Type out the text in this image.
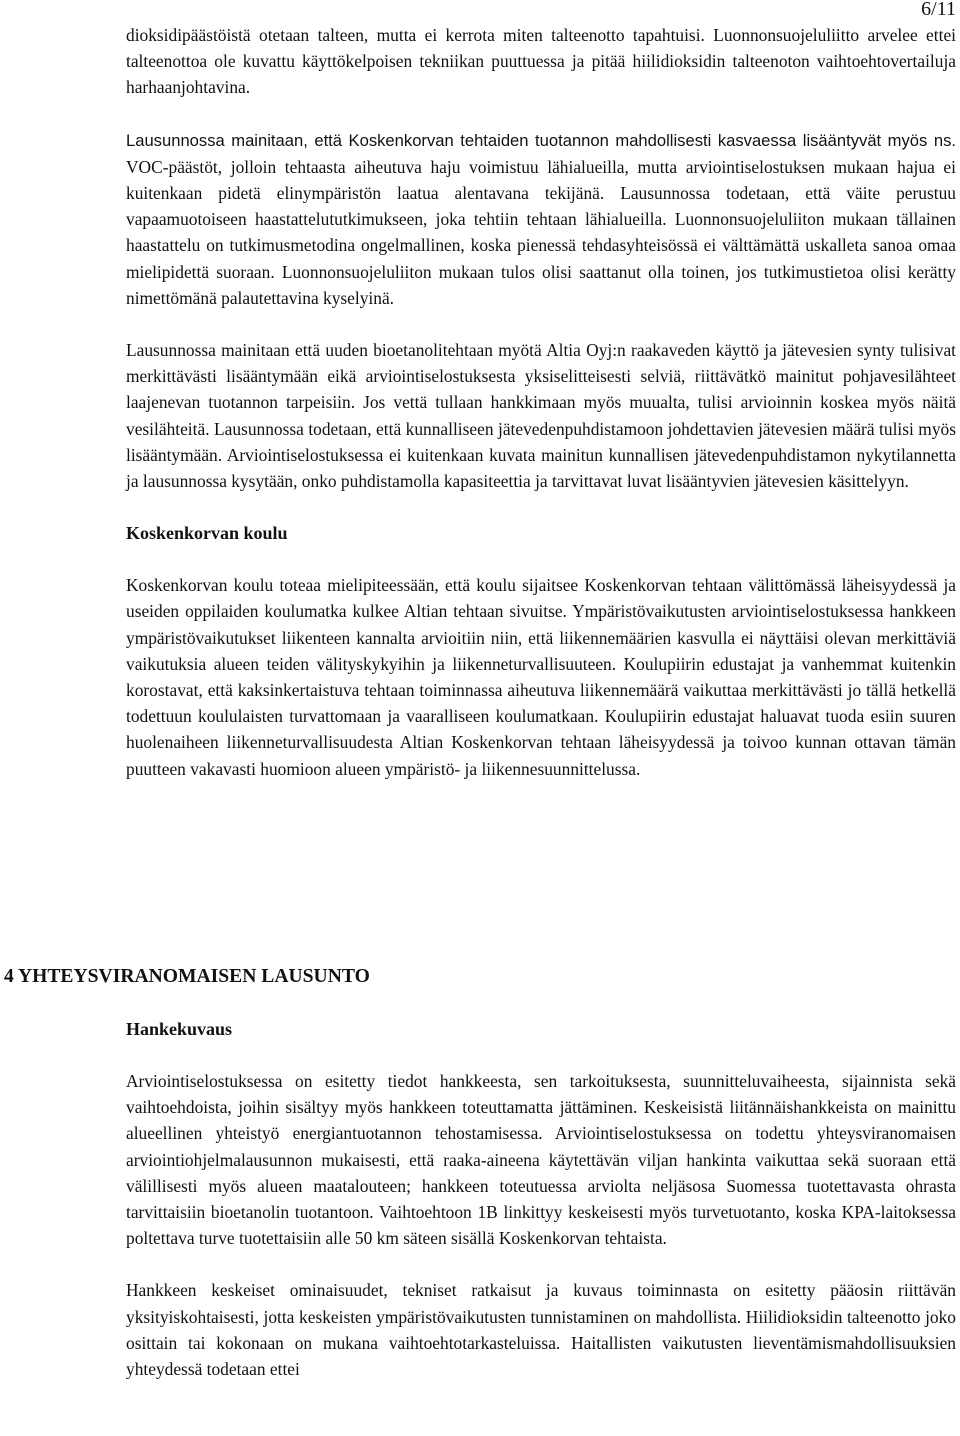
6/11

dioksidipäästöistä otetaan talteen, mutta ei kerrota miten talteenotto tapahtuisi. Luonnonsuojeluliitto arvelee ettei talteenottoa ole kuvattu käyttökelpoisen tekniikan puuttuessa ja pitää hiilidioksidin talteenoton vaihtoehtovertailuja harhaanjohtavina.

Lausunnossa mainitaan, että Koskenkorvan tehtaiden tuotannon mahdollisesti kasvaessa lisääntyvät myös ns. VOC-päästöt, jolloin tehtaasta aiheutuva haju voimistuu lähialueilla, mutta arviointiselostuksen mukaan hajua ei kuitenkaan pidetä elinympäristön laatua alentavana tekijänä. Lausunnossa todetaan, että väite perustuu vapaamuotoiseen haastattelututkimukseen, joka tehtiin tehtaan lähialueilla. Luonnonsuojeluliiton mukaan tällainen haastattelu on tutkimusmetodina ongelmallinen, koska pienessä tehdasyhteisössä ei välttämättä uskalleta sanoa omaa mielipidettä suoraan. Luonnonsuojeluliiton mukaan tulos olisi saattanut olla toinen, jos tutkimustietoa olisi kerätty nimettömänä palautettavina kyselyinä.

Lausunnossa mainitaan että uuden bioetanolitehtaan myötä Altia Oyj:n raakaveden käyttö ja jätevesien synty tulisivat merkittävästi lisääntymään eikä arviointiselostuksesta yksiselitteisesti selviä, riittävätkö mainitut pohjavesilähteet laajenevan tuotannon tarpeisiin. Jos vettä tullaan hankkimaan myös muualta, tulisi arvioinnin koskea myös näitä vesilähteitä. Lausunnossa todetaan, että kunnalliseen jätevedenpuhdistamoon johdettavien jätevesien määrä tulisi myös lisääntymään. Arviointiselostuksessa ei kuitenkaan kuvata mainitun kunnallisen jätevedenpuhdistamon nykytilannetta ja lausunnossa kysytään, onko puhdistamolla kapasiteettia ja tarvittavat luvat lisääntyvien jätevesien käsittelyyn.

Koskenkorvan koulu

Koskenkorvan koulu toteaa mielipiteessään, että koulu sijaitsee Koskenkorvan tehtaan välittömässä läheisyydessä ja useiden oppilaiden koulumatka kulkee Altian tehtaan sivuitse. Ympäristövaikutusten arviointiselostuksessa hankkeen ympäristövaikutukset liikenteen kannalta arvioitiin niin, että liikennemäärien kasvulla ei näyttäisi olevan merkittäviä vaikutuksia alueen teiden välityskykyihin ja liikenneturvallisuuteen. Koulupiirin edustajat ja vanhemmat kuitenkin korostavat, että kaksinkertaistuva tehtaan toiminnassa aiheutuva liikennemäärä vaikuttaa merkittävästi jo tällä hetkellä todettuun koululaisten turvattomaan ja vaaralliseen koulumatkaan. Koulupiirin edustajat haluavat tuoda esiin suuren huolenaiheen liikenneturvallisuudesta Altian Koskenkorvan tehtaan läheisyydessä ja toivoo kunnan ottavan tämän puutteen vakavasti huomioon alueen ympäristö- ja liikennesuunnittelussa.

4 YHTEYSVIRANOMAISEN LAUSUNTO
Hankekuvaus

Arviointiselostuksessa on esitetty tiedot hankkeesta, sen tarkoituksesta, suunnitteluvaiheesta, sijainnista sekä vaihtoehdoista, joihin sisältyy myös hankkeen toteuttamatta jättäminen. Keskeisistä liitännäishankkeista on mainittu alueellinen yhteistyö energiantuotannon tehostamisessa. Arviointiselostuksessa on todettu yhteysviranomaisen arviointiohjelmalausunnon mukaisesti, että raaka-aineena käytettävän viljan hankinta vaikuttaa sekä suoraan että välillisesti myös alueen maatalouteen; hankkeen toteutuessa arviolta neljäsosa Suomessa tuotettavasta ohrasta tarvittaisiin bioetanolin tuotantoon. Vaihtoehtoon 1B linkittyy keskeisesti myös turvetuotanto, koska KPA-laitoksessa poltettava turve tuotettaisiin alle 50 km säteen sisällä Koskenkorvan tehtaista.

Hankkeen keskeiset ominaisuudet, tekniset ratkaisut ja kuvaus toiminnasta on esitetty pääosin riittävän yksityiskohtaisesti, jotta keskeisten ympäristövaikutusten tunnistaminen on mahdollista. Hiilidioksidin talteenotto joko osittain tai kokonaan on mukana vaihtoehtotarkasteluissa. Haitallisten vaikutusten lieventämismahdollisuuksien yhteydessä todetaan ettei
